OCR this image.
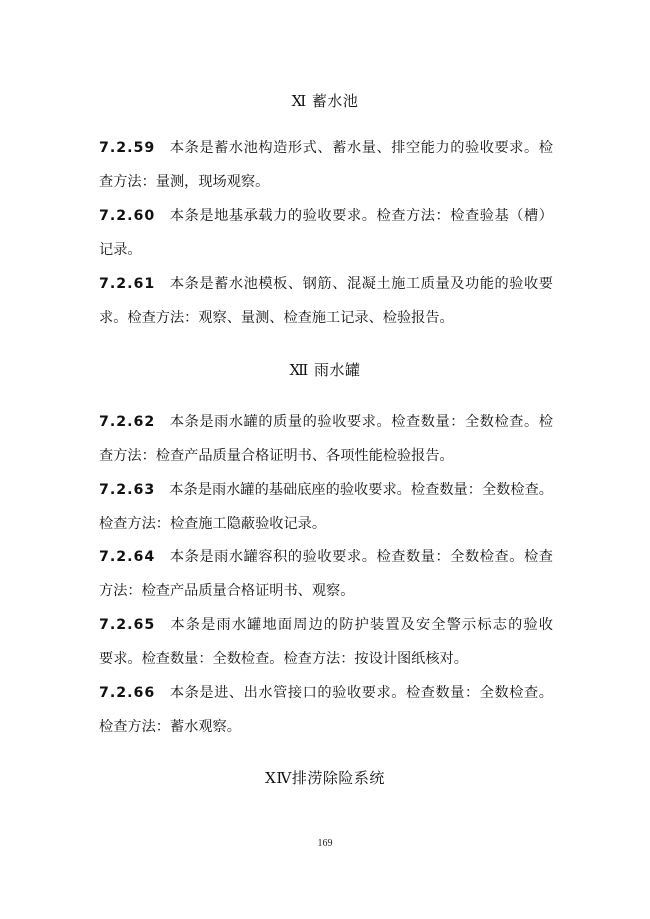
Ⅺ 蓄水池
7.2.59 本条是蓄水池构造形式、蓄水量、排空能力的验收要求。检
查方法：量测，现场观察。
7.2.60 本条是地基承载力的验收要求。检查方法：检查验基（槽）
记录。
7.2.61 本条是蓄水池模板、钢筋、混凝土施工质量及功能的验收要
求。检查方法：观察、量测、检查施工记录、检验报告。
Ⅻ 雨水罐
7.2.62 本条是雨水罐的质量的验收要求。检查数量：全数检查。检
查方法：检查产品质量合格证明书、各项性能检验报告。
7.2.63 本条是雨水罐的基础底座的验收要求。检查数量：全数检查。
检查方法：检查施工隐蔽验收记录。
7.2.64 本条是雨水罐容积的验收要求。检查数量：全数检查。检查
方法：检查产品质量合格证明书、观察。
7.2.65 本条是雨水罐地面周边的防护装置及安全警示标志的验收
要求。检查数量：全数检查。检查方法：按设计图纸核对。
7.2.66 本条是进、出水管接口的验收要求。检查数量：全数检查。
检查方法：蓄水观察。
ⅩⅣ排涝除险系统
169
